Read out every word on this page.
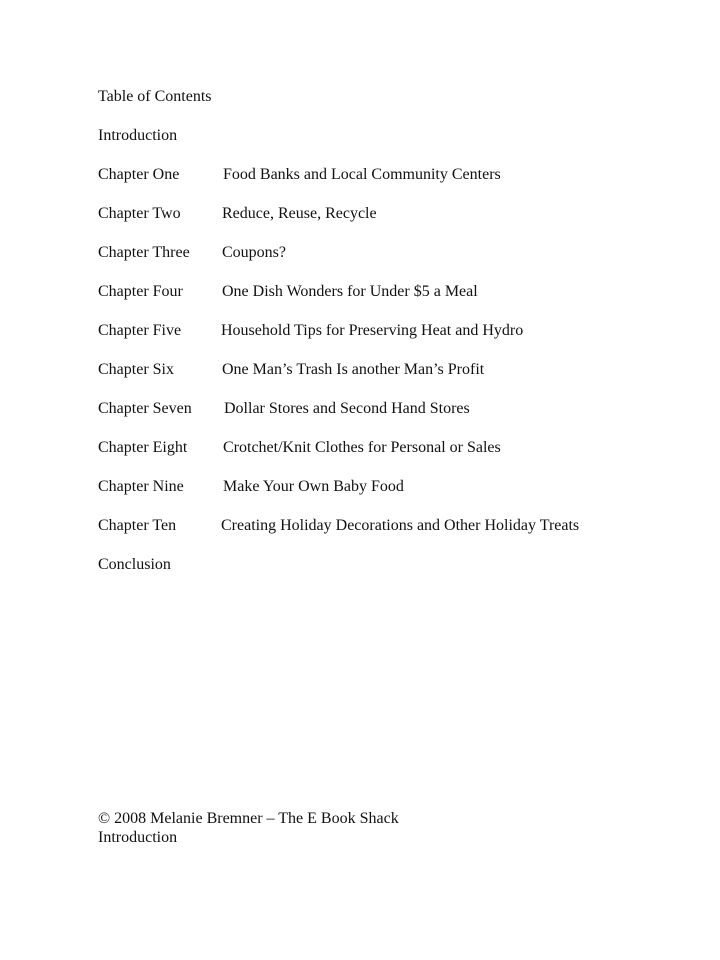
Table of Contents
Introduction
Chapter One	Food Banks and Local Community Centers
Chapter Two	Reduce, Reuse, Recycle
Chapter Three Coupons?
Chapter Four One Dish Wonders for Under $5 a Meal
Chapter Five Household Tips for Preserving Heat and Hydro
Chapter Six	One Man’s Trash Is another Man’s Profit
Chapter Seven Dollar Stores and Second Hand Stores
Chapter Eight Crotchet/Knit Clothes for Personal or Sales
Chapter Nine Make Your Own Baby Food
Chapter Ten	Creating Holiday Decorations and Other Holiday Treats
Conclusion
© 2008 Melanie Bremner – The E Book Shack
Introduction
